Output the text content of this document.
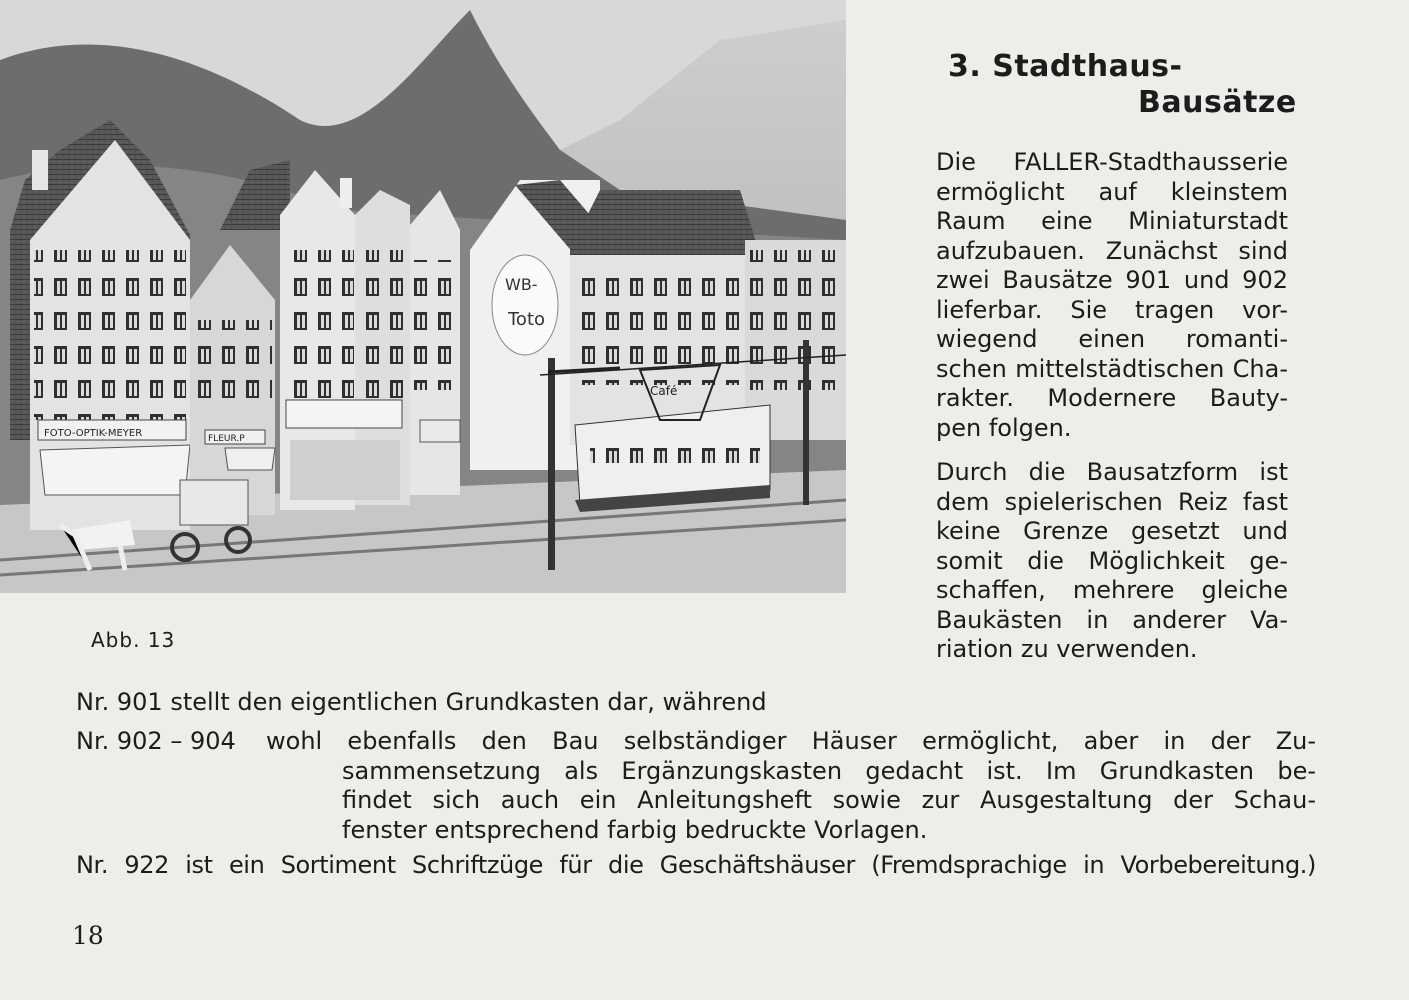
FOTO-OPTIK-MEYER	FLEUR.P
WB-
Toto
Café
3. Stadthaus-
Bausätze
Die FALLER-Stadthausserie
ermöglicht auf kleinstem
Raum eine Miniaturstadt
aufzubauen. Zunächst sind
zwei Bausätze 901 und 902
lieferbar. Sie tragen vor-
wiegend einen romanti-
schen mittelstädtischen Cha-
rakter. Modernere Bauty-
pen folgen.
Durch die Bausatzform ist
dem spielerischen Reiz fast
keine Grenze gesetzt und
somit die Möglichkeit ge-
schaffen, mehrere gleiche
Baukästen in anderer Va-
riation zu verwenden.
Abb. 13
Nr. 901 stellt den eigentlichen Grundkasten dar, während
Nr. 902 – 904 wohl ebenfalls den Bau selbständiger Häuser ermöglicht, aber in der Zu-
sammensetzung als Ergänzungskasten gedacht ist. Im Grundkasten be-
findet sich auch ein Anleitungsheft sowie zur Ausgestaltung der Schau-
fenster entsprechend farbig bedruckte Vorlagen.
Nr. 922 ist ein Sortiment Schriftzüge für die Geschäftshäuser (Fremdsprachige in Vorbebereitung.)
18
